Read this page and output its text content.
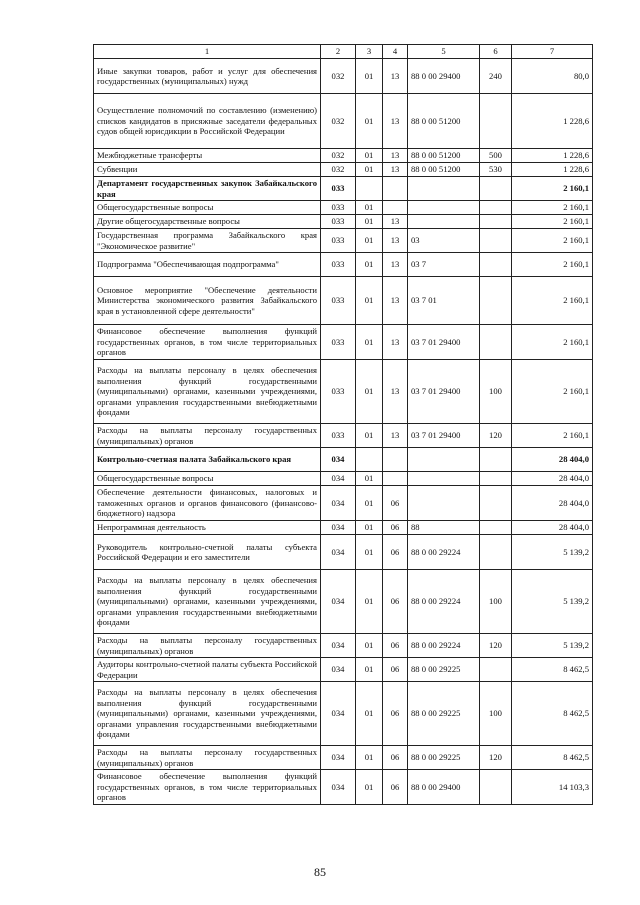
1	2	3	4	5	6	7
Иные закупки товаров, работ и услуг для обеспечения государственных (муниципальных) нужд	032	01	13	88 0 00 29400	240	80,0
Осуществление полномочий по составлению (изменению) списков кандидатов в присяжные заседатели федеральных судов общей юрисдикции в Российской Федерации	032	01	13	88 0 00 51200		1 228,6
Межбюджетные трансферты	032	01	13	88 0 00 51200	500	1 228,6
Субвенции	032	01	13	88 0 00 51200	530	1 228,6
Департамент государственных закупок Забайкальского края	033					2 160,1
Общегосударственные вопросы	033	01				2 160,1
Другие общегосударственные вопросы	033	01	13			2 160,1
Государственная программа Забайкальского края "Экономическое развитие"	033	01	13	03		2 160,1
Подпрограмма "Обеспечивающая подпрограмма"	033	01	13	03 7		2 160,1
Основное мероприятие "Обеспечение деятельности Министерства экономического развития Забайкальского края в установленной сфере деятельности"	033	01	13	03 7 01		2 160,1
Финансовое обеспечение выполнения функций государственных органов, в том числе территориальных органов	033	01	13	03 7 01 29400		2 160,1
Расходы на выплаты персоналу в целях обеспечения выполнения функций государственными (муниципальными) органами, казенными учреждениями, органами управления государственными внебюджетными фондами	033	01	13	03 7 01 29400	100	2 160,1
Расходы на выплаты персоналу государственных (муниципальных) органов	033	01	13	03 7 01 29400	120	2 160,1
Контрольно-счетная палата Забайкальского края	034					28 404,0
Общегосударственные вопросы	034	01				28 404,0
Обеспечение деятельности финансовых, налоговых и таможенных органов и органов финансового (финансово-бюджетного) надзора	034	01	06			28 404,0
Непрограммная деятельность	034	01	06	88		28 404,0
Руководитель контрольно-счетной палаты субъекта Российской Федерации и его заместители	034	01	06	88 0 00 29224		5 139,2
Расходы на выплаты персоналу в целях обеспечения выполнения функций государственными (муниципальными) органами, казенными учреждениями, органами управления государственными внебюджетными фондами	034	01	06	88 0 00 29224	100	5 139,2
Расходы на выплаты персоналу государственных (муниципальных) органов	034	01	06	88 0 00 29224	120	5 139,2
Аудиторы контрольно-счетной палаты субъекта Российской Федерации	034	01	06	88 0 00 29225		8 462,5
Расходы на выплаты персоналу в целях обеспечения выполнения функций государственными (муниципальными) органами, казенными учреждениями, органами управления государственными внебюджетными фондами	034	01	06	88 0 00 29225	100	8 462,5
Расходы на выплаты персоналу государственных (муниципальных) органов	034	01	06	88 0 00 29225	120	8 462,5
Финансовое обеспечение выполнения функций государственных органов, в том числе территориальных органов	034	01	06	88 0 00 29400		14 103,3
85
